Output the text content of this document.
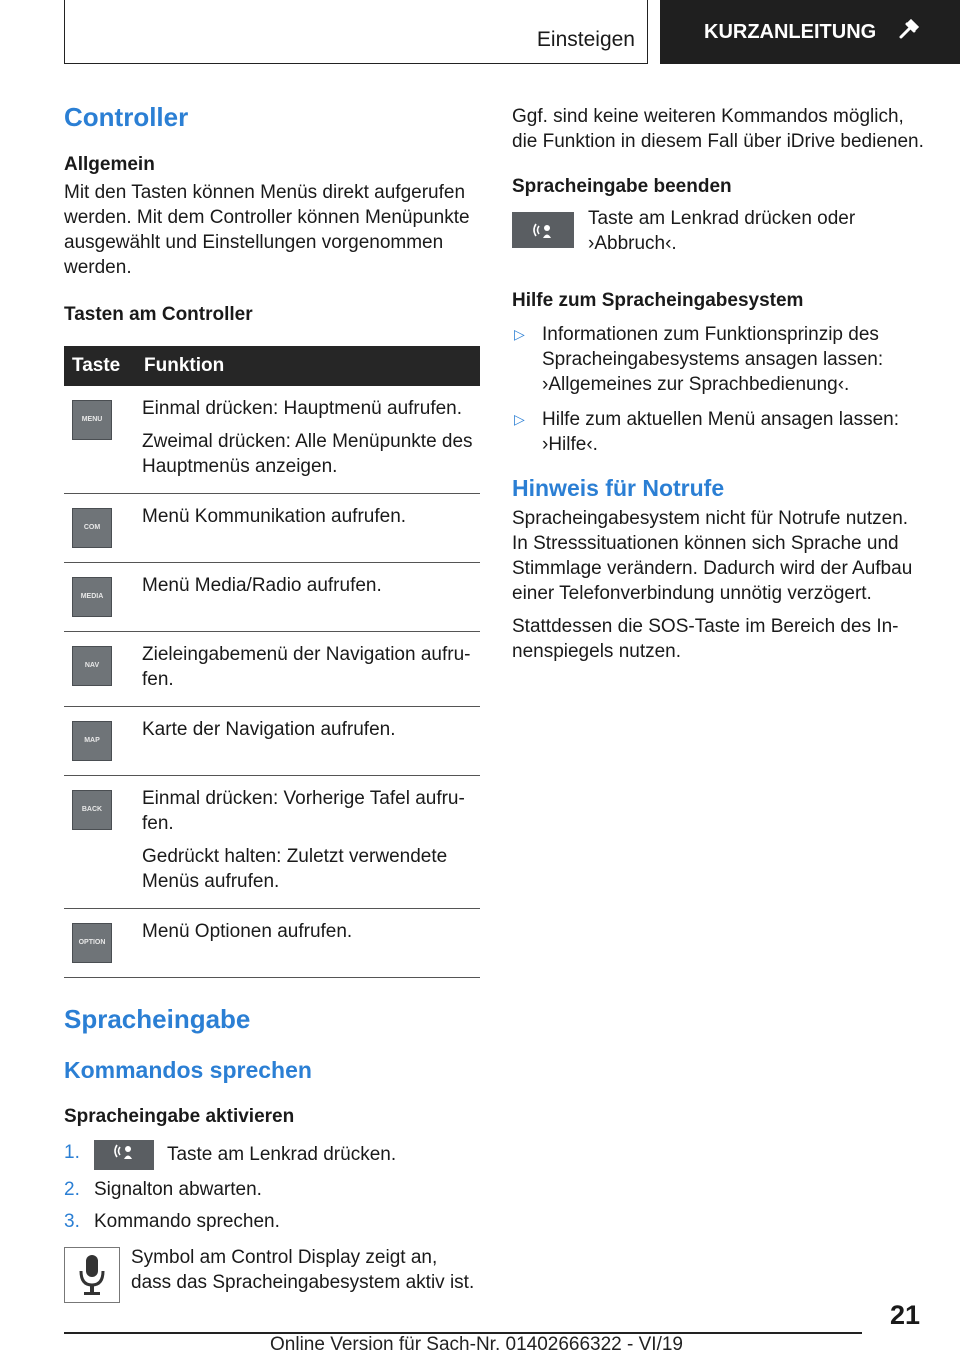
Einsteigen	KURZANLEITUNG
Controller
Allgemein

Mit den Tasten können Menüs direkt aufgerufen werden. Mit dem Controller können Menüpunkte ausgewählt und Einstellungen vorgenommen werden.

Tasten am Controller
Taste	Funktion

MENU	Einmal drücken: Hauptmenü aufrufen.
Zweimal drücken: Alle Menüpunkte des Hauptmenüs anzeigen.

COM	Menü Kommunikation aufrufen.

MEDIA	Menü Media/Radio aufrufen.

NAV	Zieleingabemenü der Navigation aufru-fen.

MAP	Karte der Navigation aufrufen.

BACK	Einmal drücken: Vorherige Tafel aufru-fen.
Gedrückt halten: Zuletzt verwendete Menüs aufrufen.

OPTION	Menü Optionen aufrufen.
Spracheingabe
Kommandos sprechen
Spracheingabe aktivieren
1.	Taste am Lenkrad drücken.
2. Signalton abwarten.
3. Kommando sprechen.

Symbol am Control Display zeigt an, dass das Spracheingabesystem aktiv ist.

Ggf. sind keine weiteren Kommandos möglich, die Funktion in diesem Fall über iDrive bedienen.

Spracheingabe beenden

Taste am Lenkrad drücken oder ›Abbruch‹.

Hilfe zum Spracheingabesystem
▷ Informationen zum Funktionsprinzip des Spracheingabesystems ansagen lassen: ›Allgemeines zur Sprachbedienung‹.
▷ Hilfe zum aktuellen Menü ansagen lassen: ›Hilfe‹.
Hinweis für Notrufe

Spracheingabesystem nicht für Notrufe nutzen. In Stresssituationen können sich Sprache und Stimmlage verändern. Dadurch wird der Aufbau einer Telefonverbindung unnötig verzögert.

Stattdessen die SOS-Taste im Bereich des In-nenspiegels nutzen.

21
Online Version für Sach-Nr. 01402666322 - VI/19
